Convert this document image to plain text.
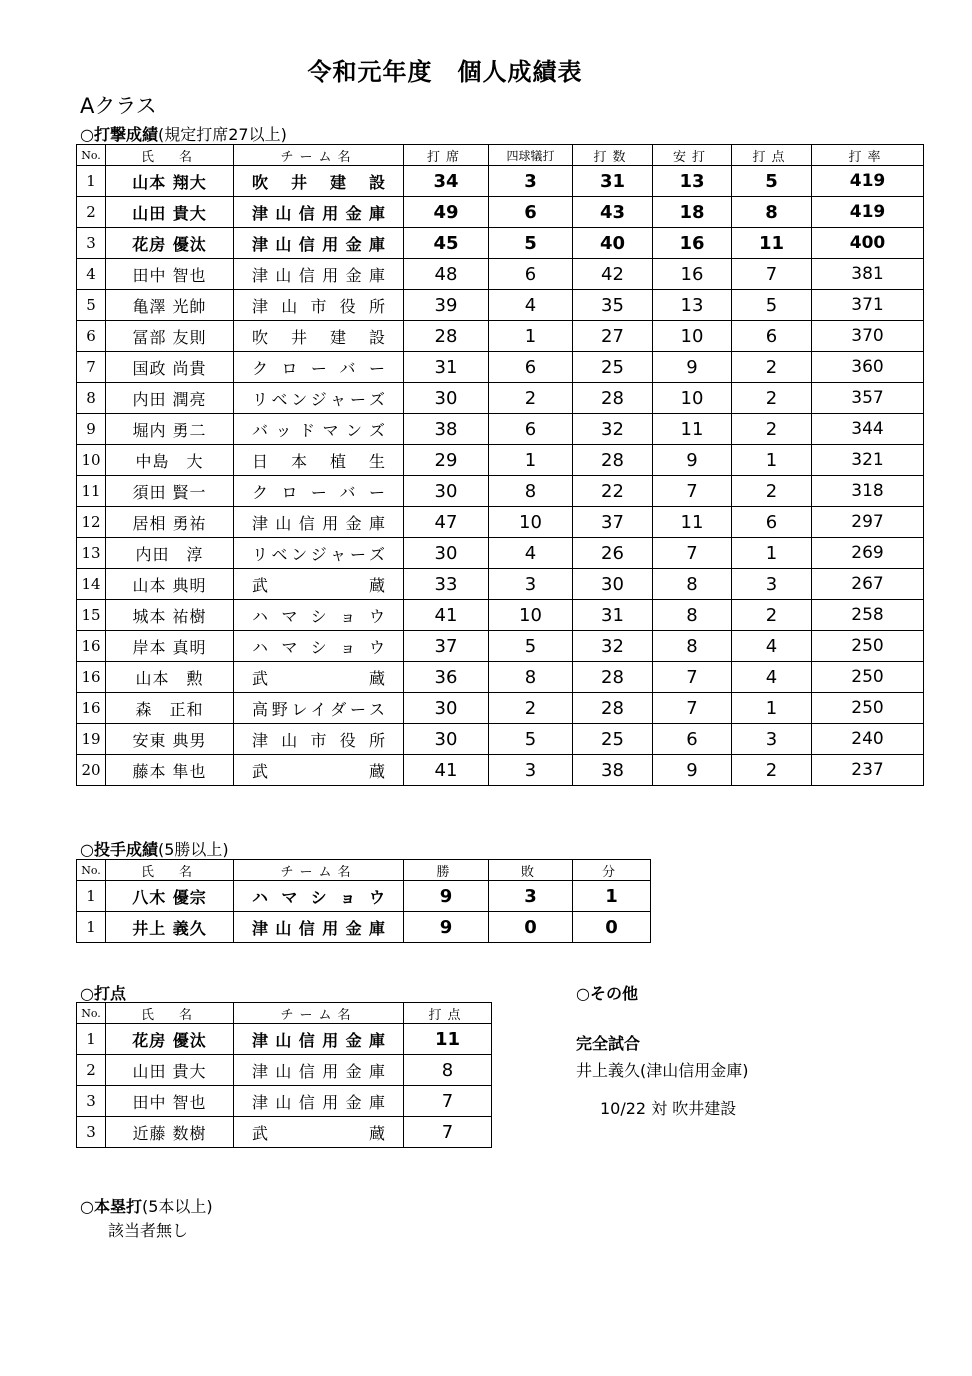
令和元年度　個人成績表
Aクラス
○打撃成績(規定打席27以上)
No.	氏　名	チーム名	打席	四球犠打	打数	安打	打点	打率
1	山本 翔大	吹井建設	34	3	31	13	5	419
2	山田 貴大	津山信用金庫	49	6	43	18	8	419
3	花房 優汰	津山信用金庫	45	5	40	16	11	400
4	田中 智也	津山信用金庫	48	6	42	16	7	381
5	亀澤 光帥	津山市役所	39	4	35	13	5	371
6	冨部 友則	吹井建設	28	1	27	10	6	370
7	国政 尚貴	クローバー	31	6	25	9	2	360
8	内田 潤亮	リベンジャーズ	30	2	28	10	2	357
9	堀内 勇二	バッドマンズ	38	6	32	11	2	344
10	中島　大	日本植生	29	1	28	9	1	321
11	須田 賢一	クローバー	30	8	22	7	2	318
12	居相 勇祐	津山信用金庫	47	10	37	11	6	297
13	内田　淳	リベンジャーズ	30	4	26	7	1	269
14	山本 典明	武蔵	33	3	30	8	3	267
15	城本 祐樹	ハマショウ	41	10	31	8	2	258
16	岸本 真明	ハマショウ	37	5	32	8	4	250
16	山本　勲	武蔵	36	8	28	7	4	250
16	森　正和	高野レイダース	30	2	28	7	1	250
19	安東 典男	津山市役所	30	5	25	6	3	240
20	藤本 隼也	武蔵	41	3	38	9	2	237
○投手成績(5勝以上)
No.	氏　名	チーム名	勝	敗	分
1	八木 優宗	ハマショウ	9	3	1
1	井上 義久	津山信用金庫	9	0	0
○打点
No.	氏　名	チーム名	打点
1	花房 優汰	津山信用金庫	11
2	山田 貴大	津山信用金庫	8
3	田中 智也	津山信用金庫	7
3	近藤 数樹	武蔵	7
○その他
完全試合
井上義久(津山信用金庫)
10/22 対 吹井建設
○本塁打(5本以上)
該当者無し
